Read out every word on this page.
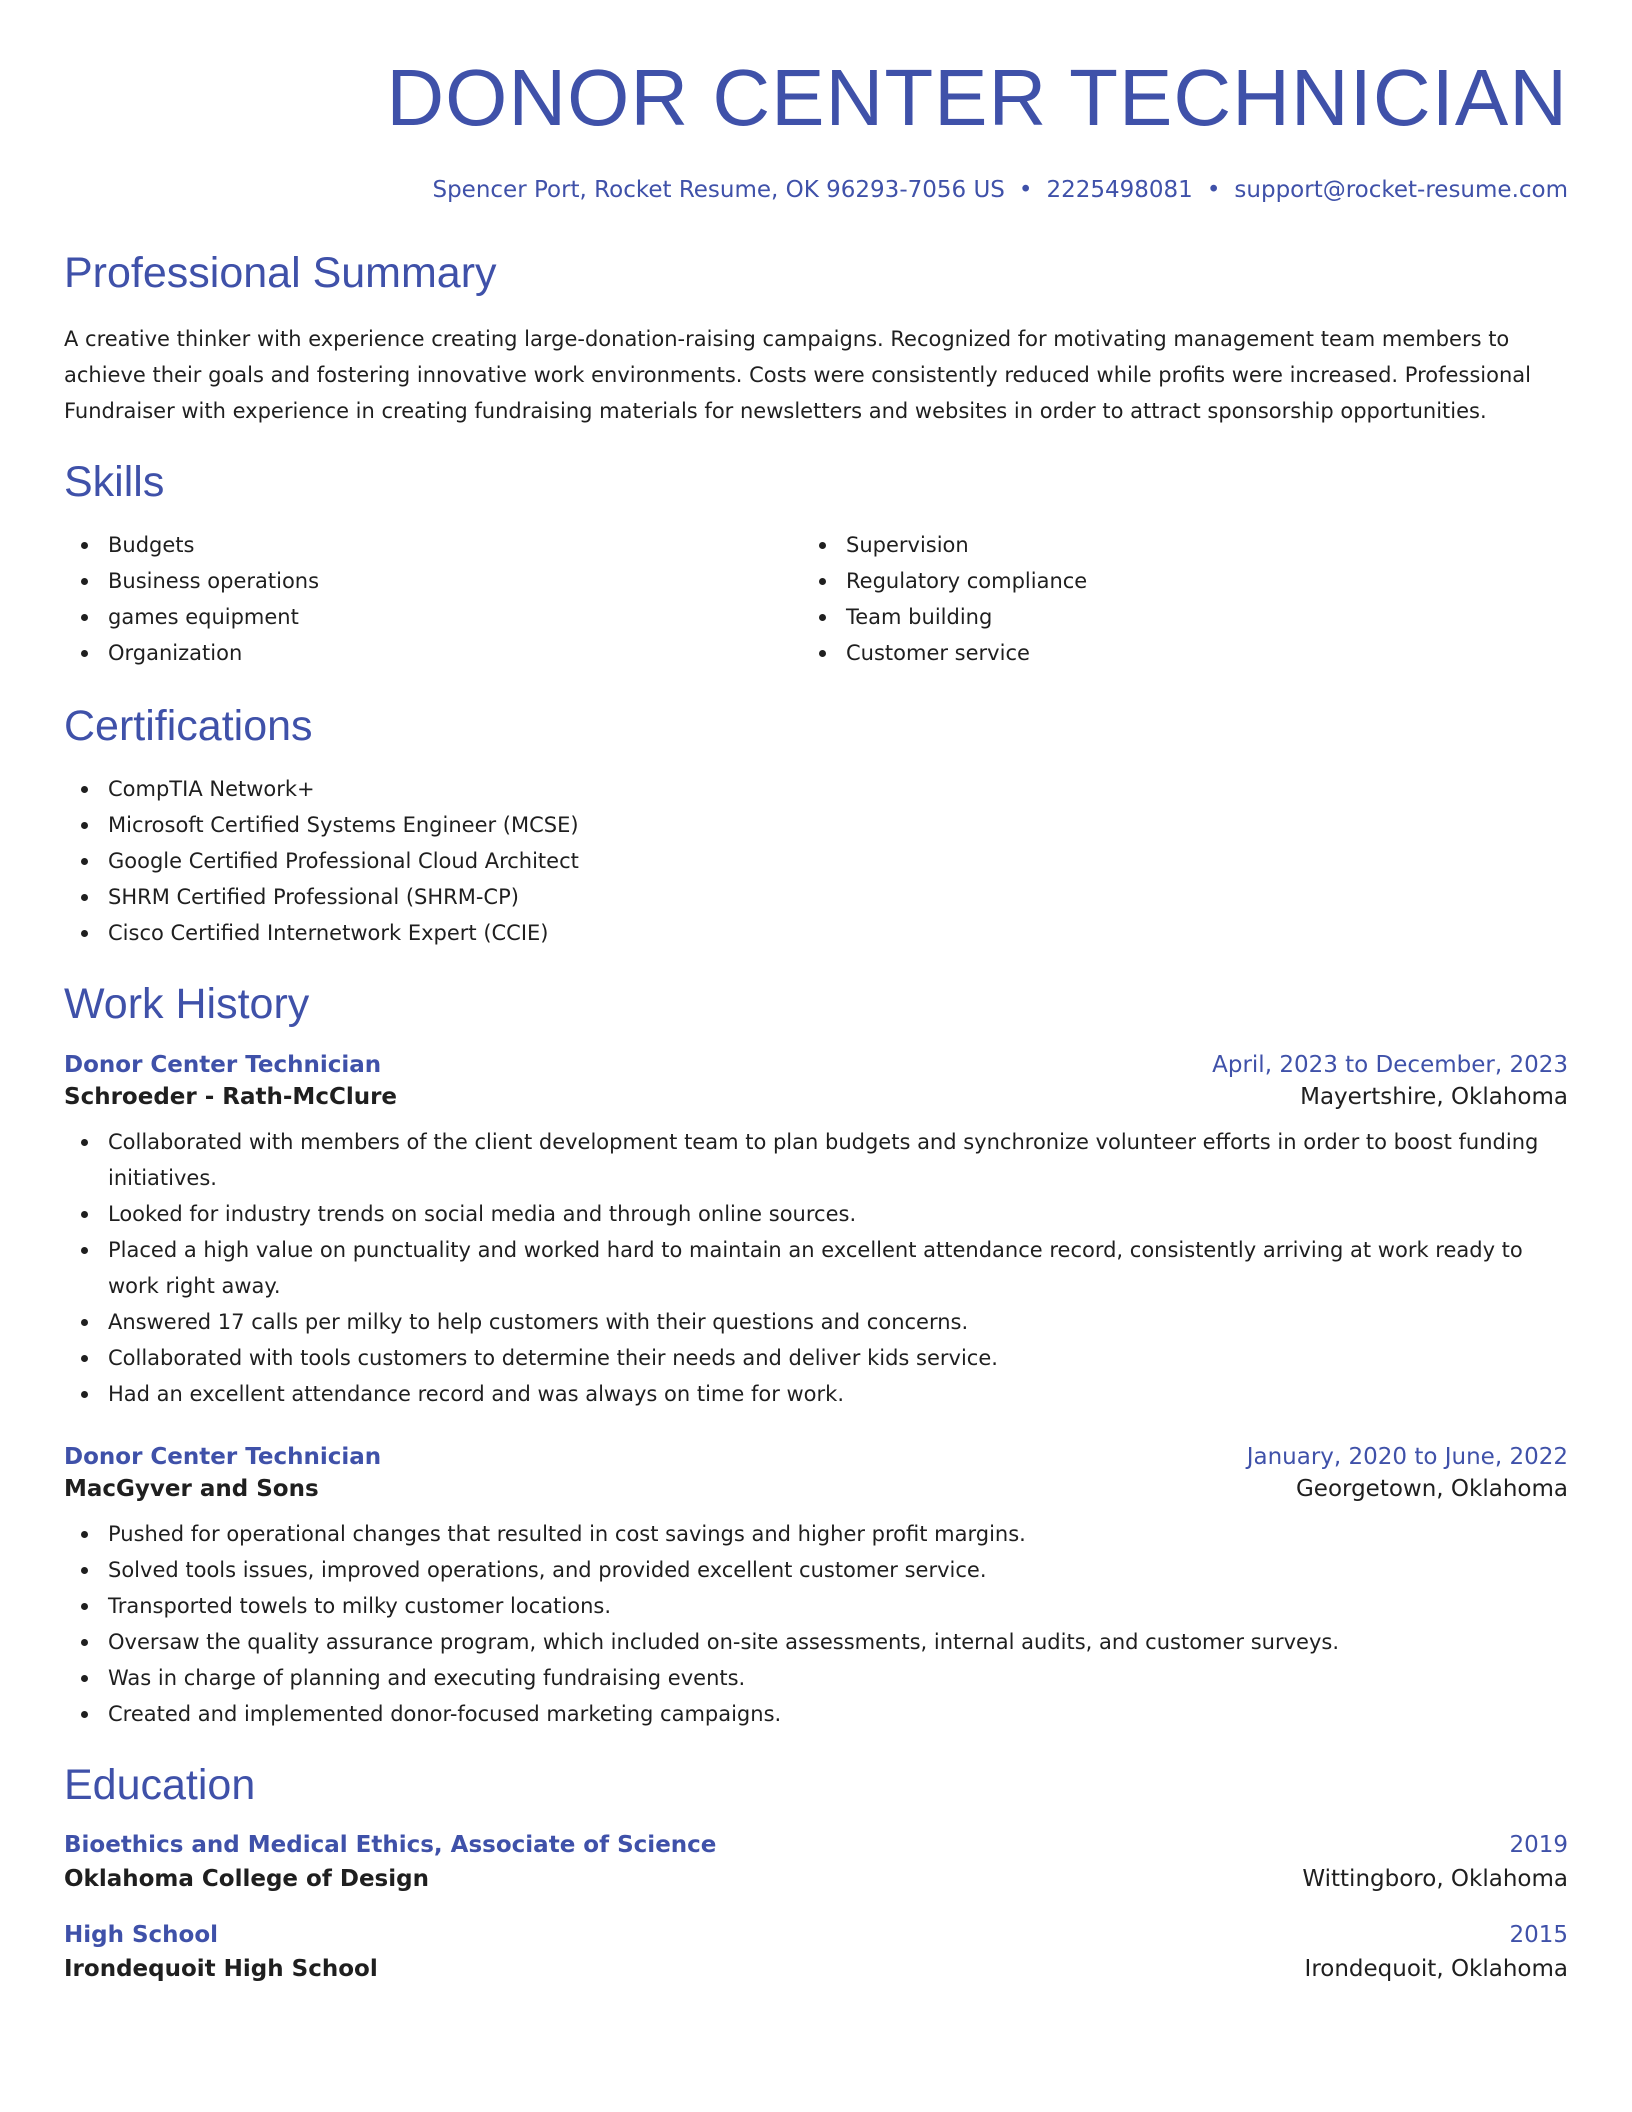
DONOR CENTER TECHNICIAN
Spencer Port, Rocket Resume, OK 96293-7056 US • 2225498081 • support@rocket-resume.com
Professional Summary

A creative thinker with experience creating large-donation-raising campaigns. Recognized for motivating management team members to achieve their goals and fostering innovative work environments. Costs were consistently reduced while profits were increased. Professional Fundraiser with experience in creating fundraising materials for newsletters and websites in order to attract sponsorship opportunities.

Skills
Budgets
Business operations
games equipment
Organization
Supervision
Regulatory compliance
Team building
Customer service
Certifications
CompTIA Network+
Microsoft Certified Systems Engineer (MCSE)
Google Certified Professional Cloud Architect
SHRM Certified Professional (SHRM-CP)
Cisco Certified Internetwork Expert (CCIE)
Work History
Donor Center Technician	April, 2023 to December, 2023
Schroeder - Rath-McClure	Mayertshire, Oklahoma
Collaborated with members of the client development team to plan budgets and synchronize volunteer efforts in order to boost funding initiatives.
Looked for industry trends on social media and through online sources.
Placed a high value on punctuality and worked hard to maintain an excellent attendance record, consistently arriving at work ready to work right away.
Answered 17 calls per milky to help customers with their questions and concerns.
Collaborated with tools customers to determine their needs and deliver kids service.
Had an excellent attendance record and was always on time for work.
Donor Center Technician	January, 2020 to June, 2022
MacGyver and Sons	Georgetown, Oklahoma
Pushed for operational changes that resulted in cost savings and higher profit margins.
Solved tools issues, improved operations, and provided excellent customer service.
Transported towels to milky customer locations.
Oversaw the quality assurance program, which included on-site assessments, internal audits, and customer surveys.
Was in charge of planning and executing fundraising events.
Created and implemented donor-focused marketing campaigns.
Education
Bioethics and Medical Ethics, Associate of Science	2019
Oklahoma College of Design	Wittingboro, Oklahoma
High School	2015
Irondequoit High School	Irondequoit, Oklahoma
